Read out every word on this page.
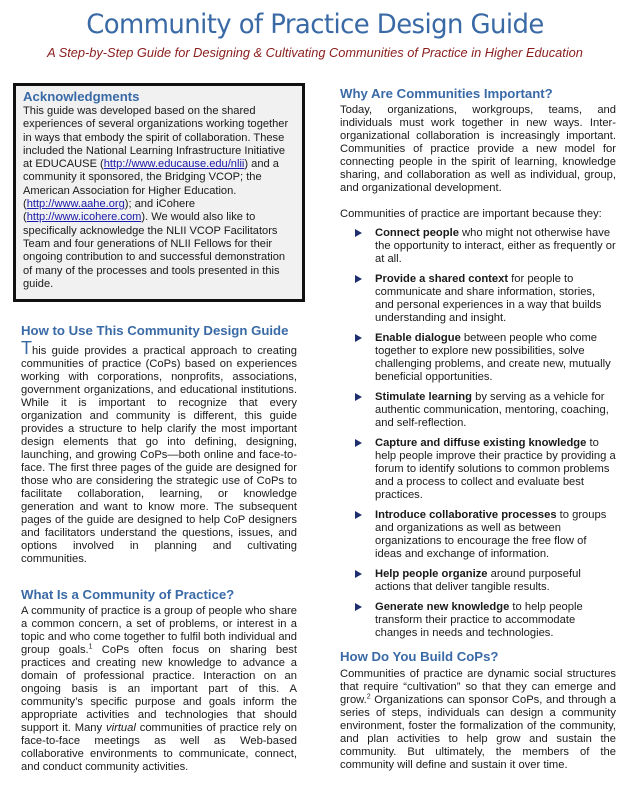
Community of Practice Design Guide
A Step-by-Step Guide for Designing & Cultivating Communities of Practice in Higher Education
Acknowledgments

This guide was developed based on the shared experiences of several organizations working together in ways that embody the spirit of collaboration. These included the National Learning Infrastructure Initiative at EDUCAUSE (http://www.educause.edu/nlii) and a community it sponsored, the Bridging VCOP; the American Association for Higher Education. (http://www.aahe.org); and iCohere (http://www.icohere.com). We would also like to specifically acknowledge the NLII VCOP Facilitators Team and four generations of NLII Fellows for their ongoing contribution to and successful demonstration of many of the processes and tools presented in this guide.

How to Use This Community Design Guide

This guide provides a practical approach to creating communities of practice (CoPs) based on experiences working with corporations, nonprofits, associations, government organizations, and educational institutions. While it is important to recognize that every organization and community is different, this guide provides a structure to help clarify the most important design elements that go into defining, designing, launching, and growing CoPs—both online and face-to-face. The first three pages of the guide are designed for those who are considering the strategic use of CoPs to facilitate collaboration, learning, or knowledge generation and want to know more. The subsequent pages of the guide are designed to help CoP designers and facilitators understand the questions, issues, and options involved in planning and cultivating communities.

What Is a Community of Practice?

A community of practice is a group of people who share a common concern, a set of problems, or interest in a topic and who come together to fulfil both individual and group goals.$^1$ CoPs often focus on sharing best practices and creating new knowledge to advance a domain of professional practice. Interaction on an ongoing basis is an important part of this. A community’s specific purpose and goals inform the appropriate activities and technologies that should support it. Many virtual communities of practice rely on face-to-face meetings as well as Web-based collaborative environments to communicate, connect, and conduct community activities.

Why Are Communities Important?

Today, organizations, workgroups, teams, and individuals must work together in new ways. Inter-organizational collaboration is increasingly important. Communities of practice provide a new model for connecting people in the spirit of learning, knowledge sharing, and collaboration as well as individual, group, and organizational development.

Communities of practice are important because they:

Connect people who might not otherwise have the opportunity to interact, either as frequently or at all.
Provide a shared context for people to communicate and share information, stories, and personal experiences in a way that builds understanding and insight.
Enable dialogue between people who come together to explore new possibilities, solve challenging problems, and create new, mutually beneficial opportunities.
Stimulate learning by serving as a vehicle for authentic communication, mentoring, coaching, and self-reflection.
Capture and diffuse existing knowledge to help people improve their practice by providing a forum to identify solutions to common problems and a process to collect and evaluate best practices.
Introduce collaborative processes to groups and organizations as well as between organizations to encourage the free flow of ideas and exchange of information.
Help people organize around purposeful actions that deliver tangible results.
Generate new knowledge to help people transform their practice to accommodate changes in needs and technologies.
How Do You Build CoPs?

Communities of practice are dynamic social structures that require “cultivation” so that they can emerge and grow.$^2$ Organizations can sponsor CoPs, and through a series of steps, individuals can design a community environment, foster the formalization of the community, and plan activities to help grow and sustain the community. But ultimately, the members of the community will define and sustain it over time.
